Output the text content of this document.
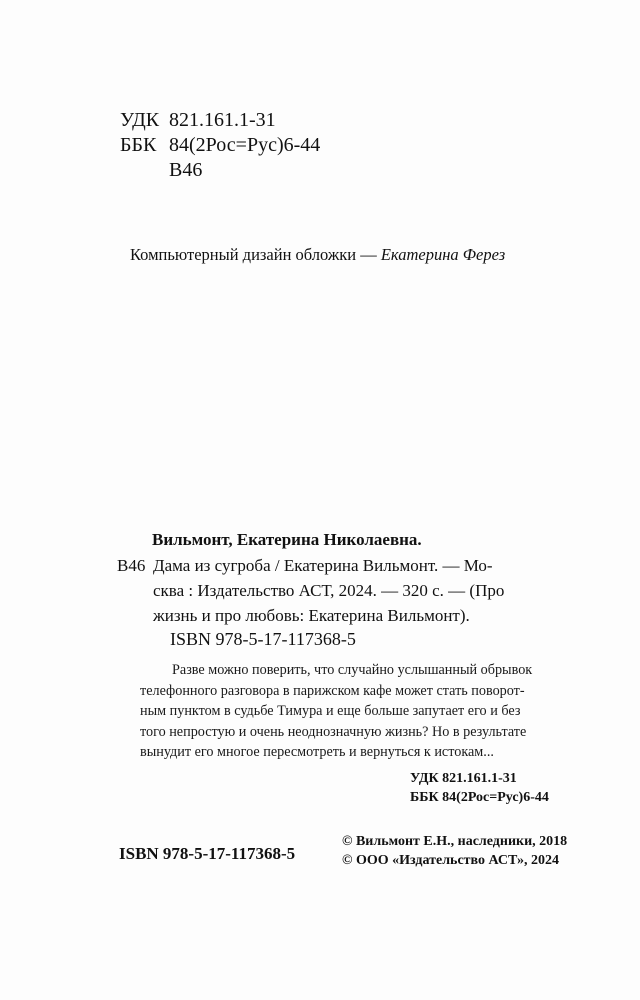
УДК 821.161.1-31
ББК 84(2Рос=Рус)6-44
В46
Компьютерный дизайн обложки — Екатерина Ферез
Вильмонт, Екатерина Николаевна.
В46 Дама из сугроба / Екатерина Вильмонт. — Мо-
сква : Издательство АСТ, 2024. — 320 с. — (Про
жизнь и про любовь: Екатерина Вильмонт).
ISBN 978-5-17-117368-5
Разве можно поверить, что случайно услышанный обрывок
телефонного разговора в парижском кафе может стать поворот-
ным пунктом в судьбе Тимура и еще больше запутает его и без
того непростую и очень неоднозначную жизнь? Но в результате
вынудит его многое пересмотреть и вернуться к истокам...
УДК 821.161.1-31
ББК 84(2Рос=Рус)6-44
ISBN 978-5-17-117368-5
© Вильмонт Е.Н., наследники, 2018
© ООО «Издательство АСТ», 2024
